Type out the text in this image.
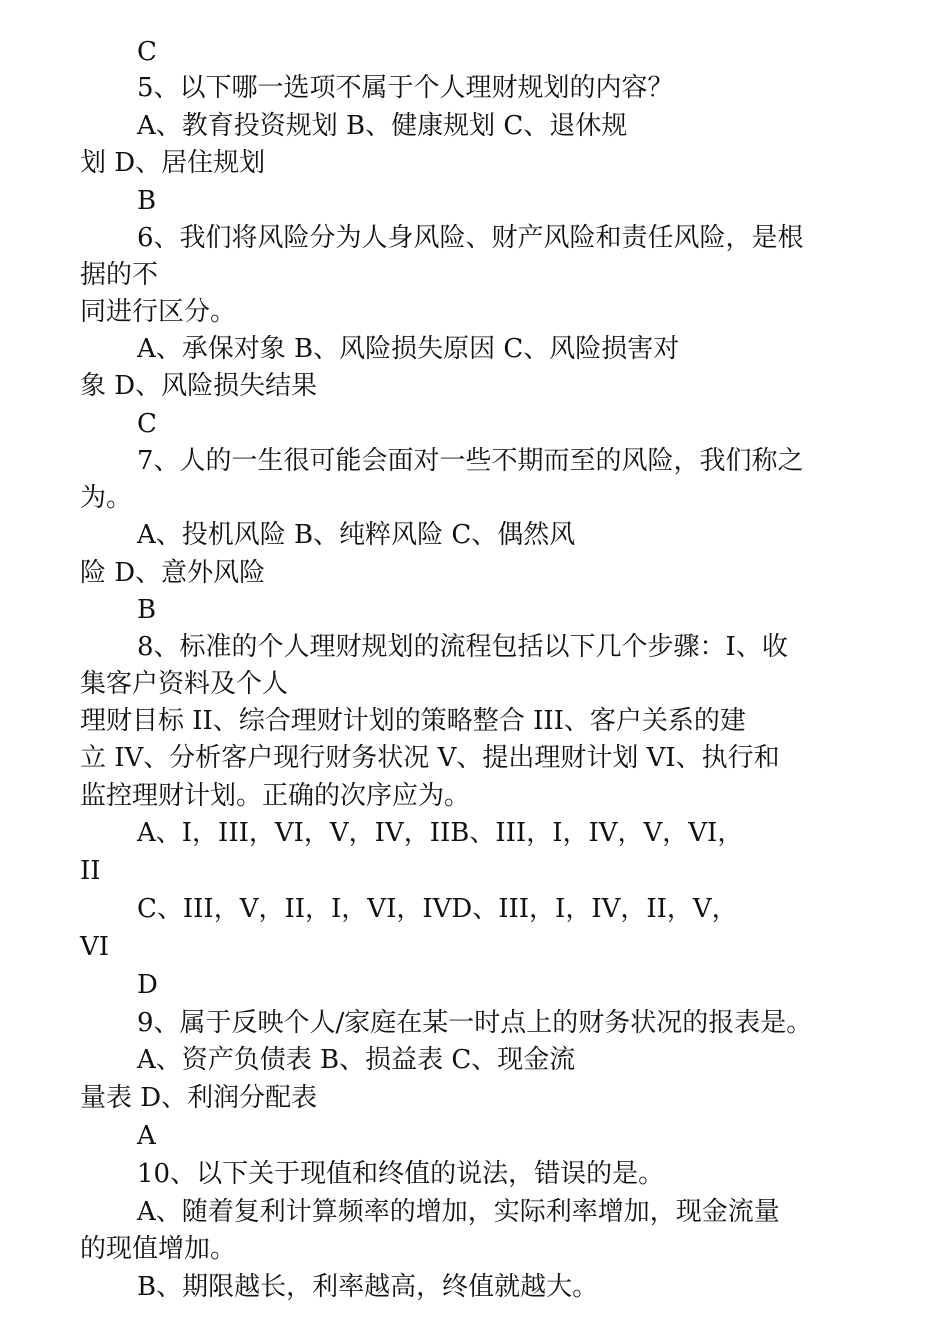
C

5、以下哪一选项不属于个人理财规划的内容？

A、教育投资规划 B、健康规划 C、退休规

划 D、居住规划

B

6、我们将风险分为人身风险、财产风险和责任风险，是根

据的不

同进行区分。

A、承保对象 B、风险损失原因 C、风险损害对

象 D、风险损失结果

C

7、人的一生很可能会面对一些不期而至的风险，我们称之

为。

A、投机风险 B、纯粹风险 C、偶然风

险 D、意外风险

B

8、标准的个人理财规划的流程包括以下几个步骤：I、收

集客户资料及个人

理财目标 II、综合理财计划的策略整合 III、客户关系的建

立 IV、分析客户现行财务状况 V、提出理财计划 VI、执行和

监控理财计划。正确的次序应为。

A、I，III，VI，V，IV，IIB、III，I，IV，V，VI，

II

C、III，V，II，I，VI，IVD、III，I，IV，II，V，

VI

D

9、属于反映个人/家庭在某一时点上的财务状况的报表是。

A、资产负债表 B、损益表 C、现金流

量表 D、利润分配表

A

10、以下关于现值和终值的说法，错误的是。

A、随着复利计算频率的增加，实际利率增加，现金流量

的现值增加。

B、期限越长，利率越高，终值就越大。
